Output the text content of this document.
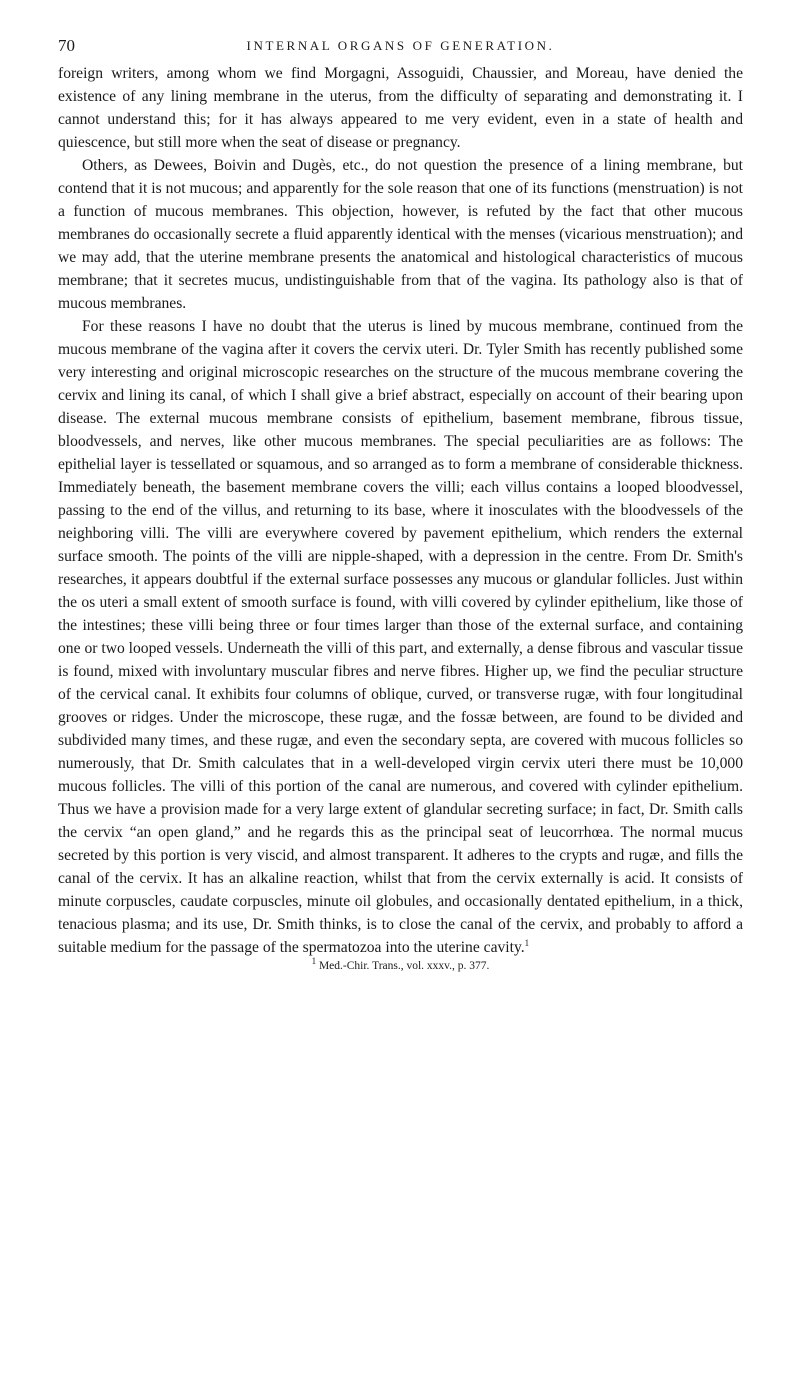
70	INTERNAL ORGANS OF GENERATION.

foreign writers, among whom we find Morgagni, Assoguidi, Chaussier, and Moreau, have denied the existence of any lining membrane in the uterus, from the difficulty of separating and demonstrating it. I cannot understand this; for it has always appeared to me very evident, even in a state of health and quiescence, but still more when the seat of disease or pregnancy.

Others, as Dewees, Boivin and Dugès, etc., do not question the presence of a lining membrane, but contend that it is not mucous; and apparently for the sole reason that one of its functions (menstruation) is not a function of mucous membranes. This objection, however, is refuted by the fact that other mucous membranes do occasionally secrete a fluid apparently identical with the menses (vicarious menstruation); and we may add, that the uterine membrane presents the anatomical and histological characteristics of mucous membrane; that it secretes mucus, undistinguishable from that of the vagina. Its pathology also is that of mucous membranes.

For these reasons I have no doubt that the uterus is lined by mucous membrane, continued from the mucous membrane of the vagina after it covers the cervix uteri. Dr. Tyler Smith has recently published some very interesting and original microscopic researches on the structure of the mucous membrane covering the cervix and lining its canal, of which I shall give a brief abstract, especially on account of their bearing upon disease. The external mucous membrane consists of epithelium, basement membrane, fibrous tissue, bloodvessels, and nerves, like other mucous membranes. The special peculiarities are as follows: The epithelial layer is tessellated or squamous, and so arranged as to form a membrane of considerable thickness. Immediately beneath, the basement membrane covers the villi; each villus contains a looped bloodvessel, passing to the end of the villus, and returning to its base, where it inosculates with the bloodvessels of the neighboring villi. The villi are everywhere covered by pavement epithelium, which renders the external surface smooth. The points of the villi are nipple-shaped, with a depression in the centre. From Dr. Smith's researches, it appears doubtful if the external surface possesses any mucous or glandular follicles. Just within the os uteri a small extent of smooth surface is found, with villi covered by cylinder epithelium, like those of the intestines; these villi being three or four times larger than those of the external surface, and containing one or two looped vessels. Underneath the villi of this part, and externally, a dense fibrous and vascular tissue is found, mixed with involuntary muscular fibres and nerve fibres. Higher up, we find the peculiar structure of the cervical canal. It exhibits four columns of oblique, curved, or transverse rugæ, with four longitudinal grooves or ridges. Under the microscope, these rugæ, and the fossæ between, are found to be divided and subdivided many times, and these rugæ, and even the secondary septa, are covered with mucous follicles so numerously, that Dr. Smith calculates that in a well-developed virgin cervix uteri there must be 10,000 mucous follicles. The villi of this portion of the canal are numerous, and covered with cylinder epithelium. Thus we have a provision made for a very large extent of glandular secreting surface; in fact, Dr. Smith calls the cervix “an open gland,” and he regards this as the principal seat of leucorrhœa. The normal mucus secreted by this portion is very viscid, and almost transparent. It adheres to the crypts and rugæ, and fills the canal of the cervix. It has an alkaline reaction, whilst that from the cervix externally is acid. It consists of minute corpuscles, caudate corpuscles, minute oil globules, and occasionally dentated epithelium, in a thick, tenacious plasma; and its use, Dr. Smith thinks, is to close the canal of the cervix, and probably to afford a suitable medium for the passage of the spermatozoa into the uterine cavity.$^1$

$^1$ Med.-Chir. Trans., vol. xxxv., p. 377.
